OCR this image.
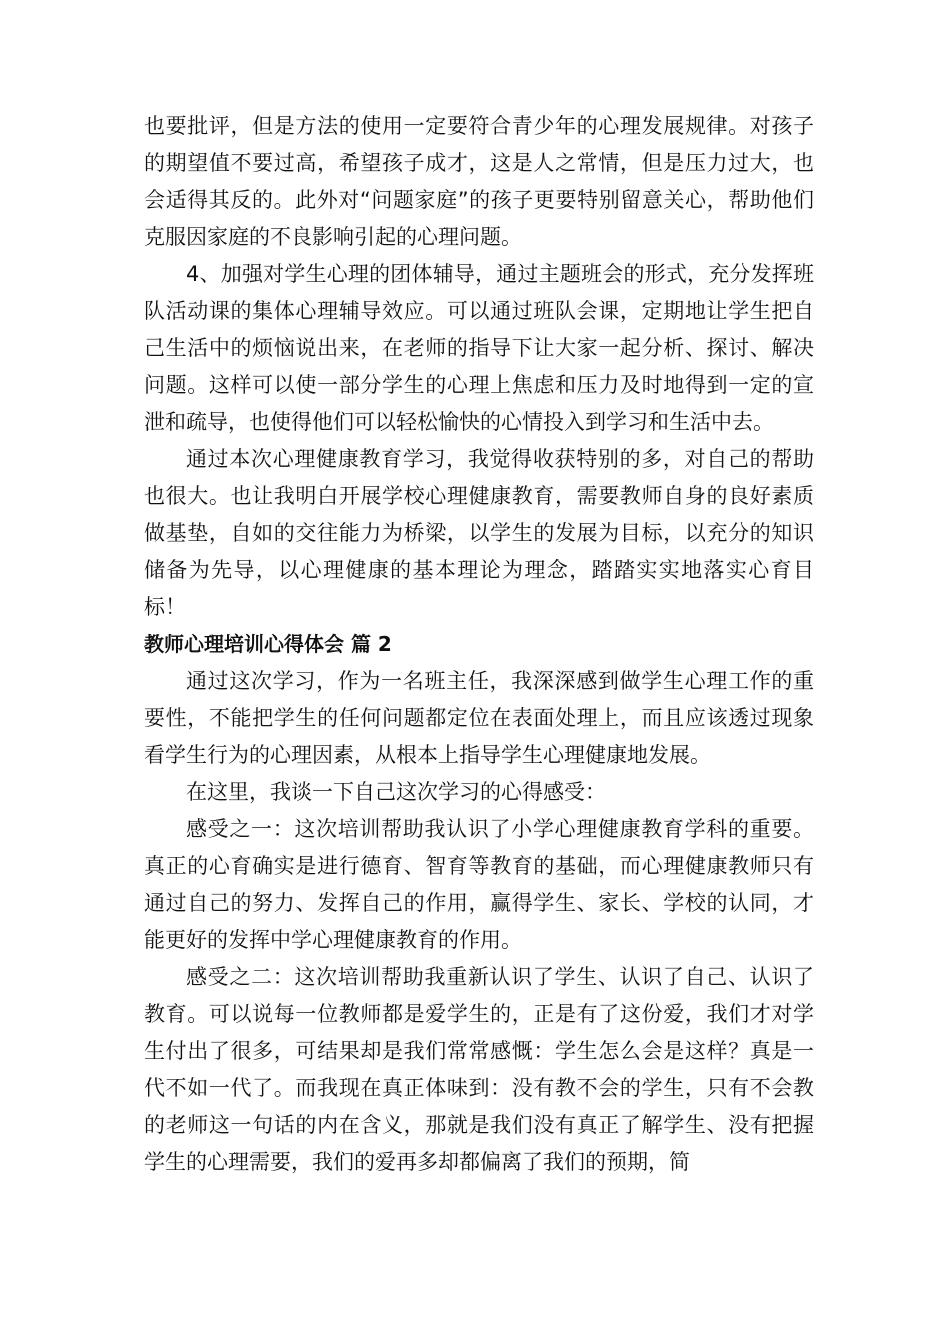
也要批评，但是方法的使用一定要符合青少年的心理发展规律。对孩子的期望值不要过高，希望孩子成才，这是人之常情，但是压力过大，也会适得其反的。此外对“问题家庭”的孩子更要特别留意关心，帮助他们克服因家庭的不良影响引起的心理问题。

4、加强对学生心理的团体辅导，通过主题班会的形式，充分发挥班队活动课的集体心理辅导效应。可以通过班队会课，定期地让学生把自己生活中的烦恼说出来，在老师的指导下让大家一起分析、探讨、解决问题。这样可以使一部分学生的心理上焦虑和压力及时地得到一定的宣泄和疏导，也使得他们可以轻松愉快的心情投入到学习和生活中去。

通过本次心理健康教育学习，我觉得收获特别的多，对自己的帮助也很大。也让我明白开展学校心理健康教育，需要教师自身的良好素质做基垫，自如的交往能力为桥梁，以学生的发展为目标，以充分的知识储备为先导，以心理健康的基本理论为理念，踏踏实实地落实心育目标！

教师心理培训心得体会 篇 2

通过这次学习，作为一名班主任，我深深感到做学生心理工作的重要性，不能把学生的任何问题都定位在表面处理上，而且应该透过现象看学生行为的心理因素，从根本上指导学生心理健康地发展。

在这里，我谈一下自己这次学习的心得感受：

感受之一：这次培训帮助我认识了小学心理健康教育学科的重要。真正的心育确实是进行德育、智育等教育的基础，而心理健康教师只有通过自己的努力、发挥自己的作用，赢得学生、家长、学校的认同，才能更好的发挥中学心理健康教育的作用。

感受之二：这次培训帮助我重新认识了学生、认识了自己、认识了教育。可以说每一位教师都是爱学生的，正是有了这份爱，我们才对学生付出了很多，可结果却是我们常常感慨：学生怎么会是这样？真是一代不如一代了。而我现在真正体味到：没有教不会的学生，只有不会教的老师这一句话的内在含义，那就是我们没有真正了解学生、没有把握学生的心理需要，我们的爱再多却都偏离了我们的预期，简
